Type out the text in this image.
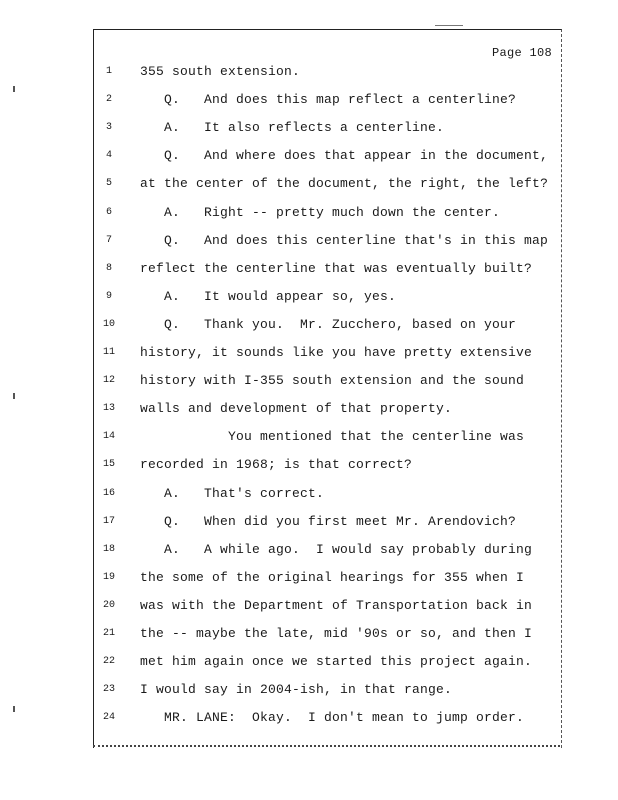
Page 108
1	355 south extension.
2	Q.   And does this map reflect a centerline?
3	A.   It also reflects a centerline.
4	Q.   And where does that appear in the document,
5	at the center of the document, the right, the left?
6	A.   Right -- pretty much down the center.
7	Q.   And does this centerline that's in this map
8	reflect the centerline that was eventually built?
9	A.   It would appear so, yes.
10	Q.   Thank you.  Mr. Zucchero, based on your
11	history, it sounds like you have pretty extensive
12	history with I-355 south extension and the sound
13	walls and development of that property.
14	You mentioned that the centerline was
15	recorded in 1968; is that correct?
16	A.   That's correct.
17	Q.   When did you first meet Mr. Arendovich?
18	A.   A while ago.  I would say probably during
19	the some of the original hearings for 355 when I
20	was with the Department of Transportation back in
21	the -- maybe the late, mid '90s or so, and then I
22	met him again once we started this project again.
23	I would say in 2004-ish, in that range.
24	MR. LANE:  Okay.  I don't mean to jump order.
